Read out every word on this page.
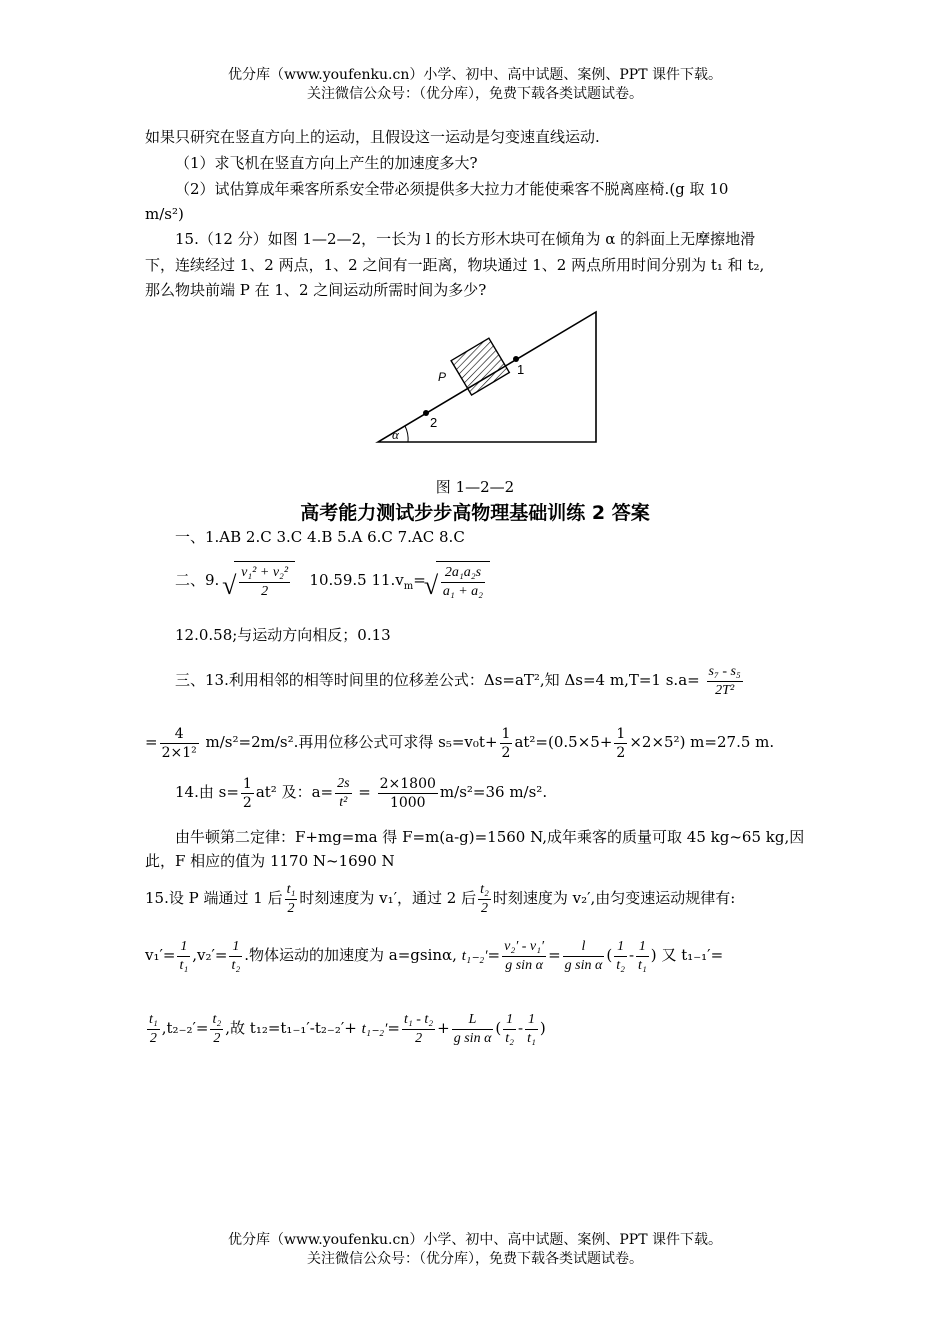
优分库（www.youfenku.cn）小学、初中、高中试题、案例、PPT 课件下载。
关注微信公众号：（优分库），免费下载各类试题试卷。
如果只研究在竖直方向上的运动，且假设这一运动是匀变速直线运动.
（1）求飞机在竖直方向上产生的加速度多大?
（2）试估算成年乘客所系安全带必须提供多大拉力才能使乘客不脱离座椅.(g 取 10
m/s²)
15.（12 分）如图 1—2—2，一长为 l 的长方形木块可在倾角为 α 的斜面上无摩擦地滑
下，连续经过 1、2 两点，1、2 之间有一距离，物块通过 1、2 两点所用时间分别为 t₁ 和 t₂,
那么物块前端 P 在 1、2 之间运动所需时间为多少?
P	1
2
α
图 1—2—2
高考能力测试步步高物理基础训练 2 答案
一、1.AB 2.C 3.C 4.B 5.A 6.C 7.AC 8.C
二、9. √ $\frac{\text{v₁² + v₂²}}{2} 10.59.5$ $11.v_m=$ √ $\frac{\text{2a₁a₂s}}{\text{a₁ + a₂}}$
12.0.58;与运动方向相反；0.13
三、13.利用相邻的相等时间里的位移差公式：Δs=aT²,知 Δs=4 m,T=1 $s.a= \frac{\text{s₇ - s₅}}{\text{2T²}}$
= $\frac{4}{\text{2×1²}} m/s^2=2m/s^2$.再用位移公式可求得 $s_5=v_0t+ \frac{1}{2} at^2=(0.5\times 5+ \frac{1}{2} \times 2\times 5^2)$ m=27.5 m.
14.由 $s= \frac{1}{2} at^2$ 及：$a= \frac{2s}{\text{t²}} = \frac{2\times 1800}{1000} m/s^2=36$ m/s².
由牛顿第二定律：F+mg=ma 得 F=m(a-g)=1560 N,成年乘客的质量可取 45 kg~65 kg,因
此，F 相应的值为 1170 N~1690 N
15.设 P 端通过 1 后 $\frac{\text{t₁}}{2}$ 时刻速度为 v₁′，通过 2 后 $\frac{\text{t₂}}{2}$ 时刻速度为 v₂′,由匀变速运动规律有:
$v_1'= \frac{1}{\text{t₁}} ,v_2'= \frac{1}{\text{t₂}}$ .物体运动的加速度为 a=gsinα, $t_{1-2}'= \frac{\text{v₂′ - v₁′}}{\text{g sin α}} = \frac{l}{\text{g sin α}}$ ( $\frac{1}{\text{t₂}} - \frac{1}{\text{t₁}}$ ) 又 t₁₋₁′=
$\frac{\text{t₁}}{2} ,t_{2-2}'= \frac{\text{t₂}}{2}$ ,故 $t_{12}=t_{1-1}'-t_{2-2}'+ t_{1-2}'= \frac{\text{t₁ - t₂}}{2} + \frac{L}{\text{g sin α}}$ ( $\frac{1}{\text{t₂}} - \frac{1}{\text{t₁}}$ )
优分库（www.youfenku.cn）小学、初中、高中试题、案例、PPT 课件下载。
关注微信公众号：（优分库），免费下载各类试题试卷。
